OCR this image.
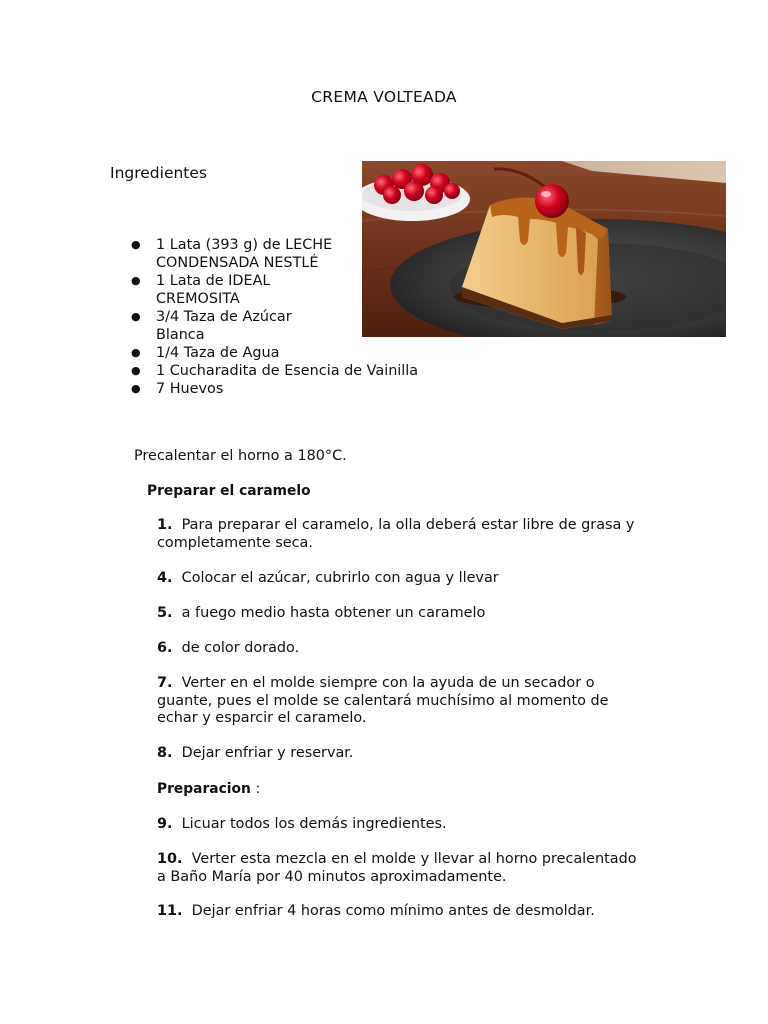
CREMA VOLTEADA
Ingredientes
● 1 Lata (393 g) de LECHE
CONDENSADA NESTLÉ
● 1 Lata de IDEAL
CREMOSITA
● 3/4 Taza de Azúcar
Blanca
● 1/4 Taza de Agua
● 1 Cucharadita de Esencia de Vainilla
● 7 Huevos
Precalentar el horno a 180°C.
Preparar el caramelo
1. Para preparar el caramelo, la olla deberá estar libre de grasa y
completamente seca.
4. Colocar el azúcar, cubrirlo con agua y llevar
5. a fuego medio hasta obtener un caramelo
6. de color dorado.
7. Verter en el molde siempre con la ayuda de un secador o
guante, pues el molde se calentará muchísimo al momento de
echar y esparcir el caramelo.
8. Dejar enfriar y reservar.
Preparacion :
9. Licuar todos los demás ingredientes.
10. Verter esta mezcla en el molde y llevar al horno precalentado
a Baño María por 40 minutos aproximadamente.
11. Dejar enfriar 4 horas como mínimo antes de desmoldar.
